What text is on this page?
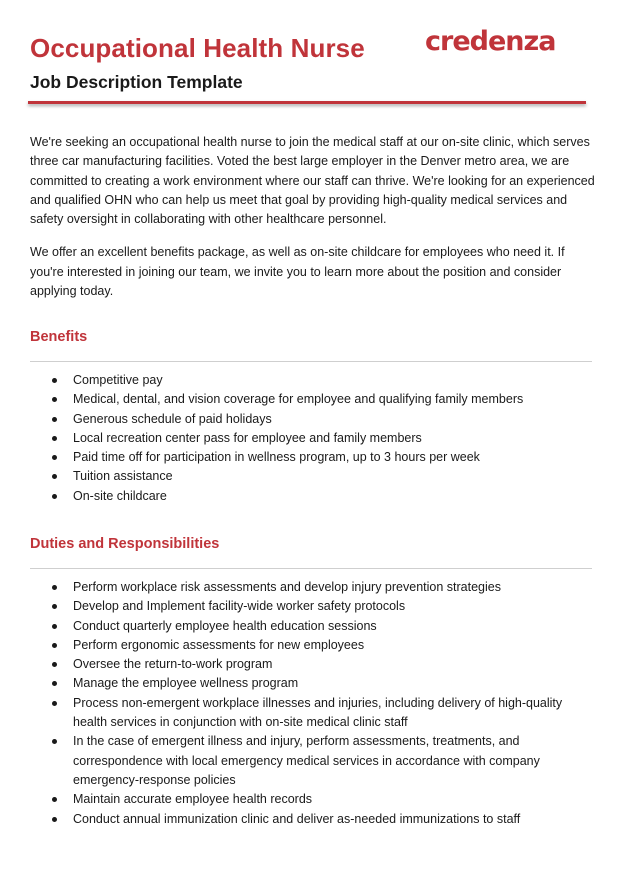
Occupational Health Nurse
Job Description Template
credenza

We're seeking an occupational health nurse to join the medical staff at our on-site clinic, which serves three car manufacturing facilities. Voted the best large employer in the Denver metro area, we are committed to creating a work environment where our staff can thrive. We're looking for an experienced and qualified OHN who can help us meet that goal by providing high-quality medical services and safety oversight in collaborating with other healthcare personnel.

We offer an excellent benefits package, as well as on-site childcare for employees who need it. If you're interested in joining our team, we invite you to learn more about the position and consider applying today.

Benefits
Competitive pay
Medical, dental, and vision coverage for employee and qualifying family members
Generous schedule of paid holidays
Local recreation center pass for employee and family members
Paid time off for participation in wellness program, up to 3 hours per week
Tuition assistance
On-site childcare
Duties and Responsibilities
Perform workplace risk assessments and develop injury prevention strategies
Develop and Implement facility-wide worker safety protocols
Conduct quarterly employee health education sessions
Perform ergonomic assessments for new employees
Oversee the return-to-work program
Manage the employee wellness program
Process non-emergent workplace illnesses and injuries, including delivery of high-quality health services in conjunction with on-site medical clinic staff
In the case of emergent illness and injury, perform assessments, treatments, and correspondence with local emergency medical services in accordance with company emergency-response policies
Maintain accurate employee health records
Conduct annual immunization clinic and deliver as-needed immunizations to staff
